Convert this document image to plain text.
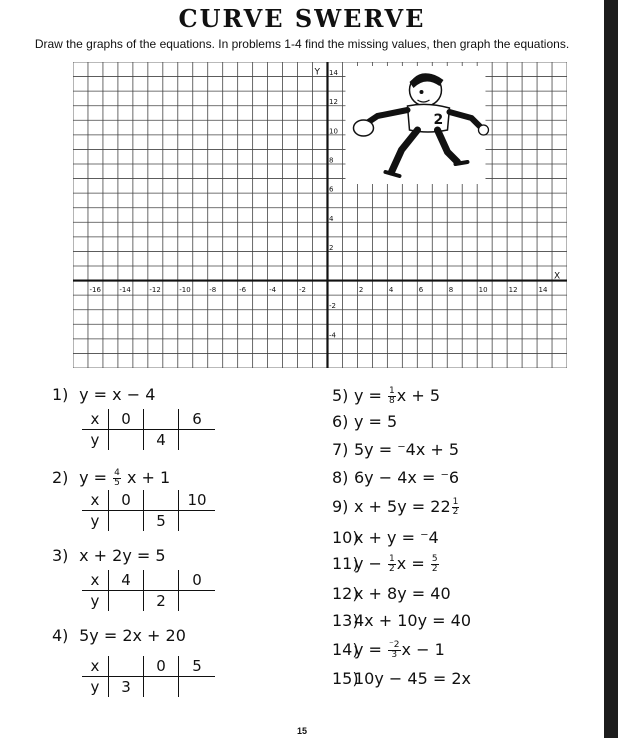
CURVE SWERVE
Draw the graphs of the equations. In problems 1-4 find the missing values, then graph the equations.
-16	-14	-12	-10	-8	-6	-4	-2	2	4	6	8	10	12	14
14
12
10
8
6
4
2
-2
-4
X
Y
2
1) y = x − 4
x	0		6
y		4	
2) $y = \frac{4}{5}$ x + 1
x	0		10
y		5	
3) x + 2y = 5
x	4		0
y		2	
4) 5y = 2x + 20
x		0	5
y	3		
5) $y = \frac{1}{8}$ x + 5
6) y = 5
7) 5y = ⁻4x + 5
8) 6y − 4x = ⁻6
9) $x + 5y = 22 \frac{1}{2}$
10)x + y = ⁻4
$11)y - \frac{1}{2}$ $x = \frac{5}{2}$
12)x + 8y = 40
13)4x + 10y = 40
$14)y = \frac{^-2}{3}$ x − 1
15)10y − 45 = 2x
15
